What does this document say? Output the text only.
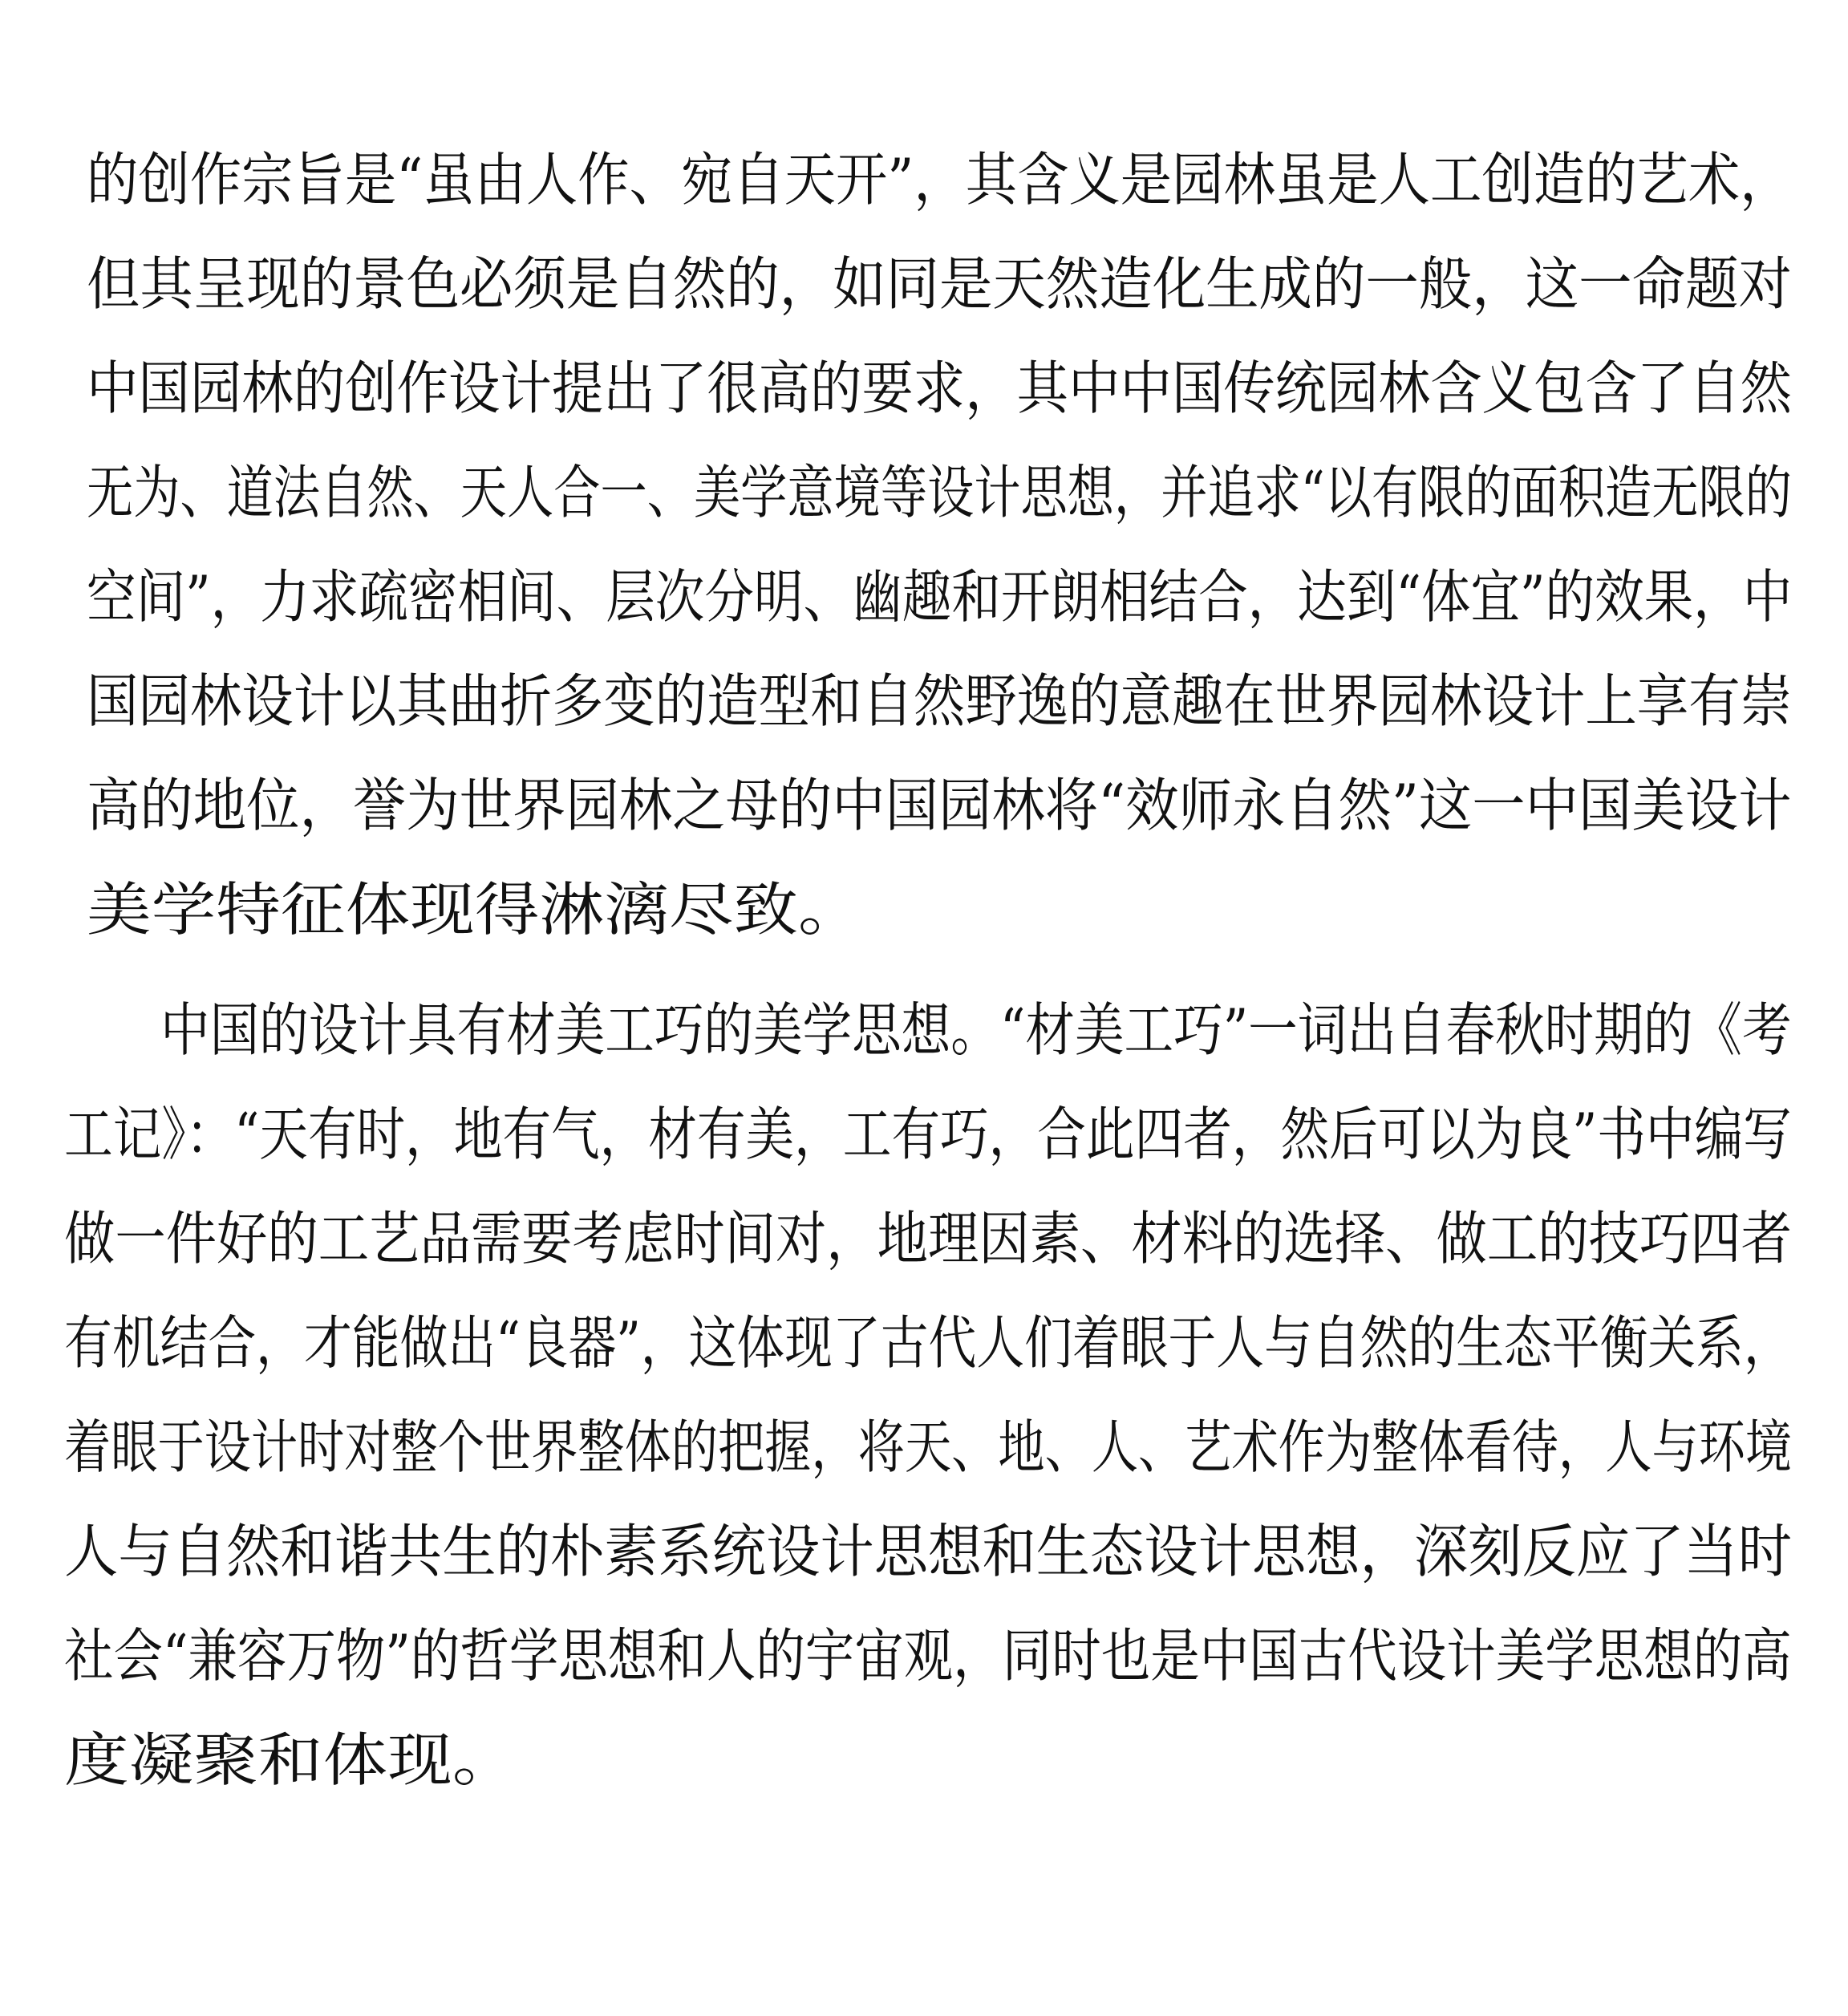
的创作宗旨是“虽由人作、宛自天开”，其含义是园林虽是人工创造的艺术，
但其呈现的景色必须是自然的，如同是天然造化生成的一般，这一命题对
中国园林的创作设计提出了很高的要求，其中中国传统园林含义包含了自然
无为、道法自然、天人合一、美学意境等设计思想，并追求“以有限的面积造无限的
空间”，力求疏密相间、层次分明、幽趣和开朗相结合，达到“体宜”的效果，中
国园林设计以其曲折多变的造型和自然野逸的意趣在世界园林设计上享有崇
高的地位，誉为世界园林之母的中国园林将“效师永自然”这一中国美设计
美学特征体现得淋漓尽致。
中国的设计具有材美工巧的美学思想。“材美工巧”一词出自春秋时期的《考
工记》：“天有时，地有气，材有美，工有巧，合此四者，然后可以为良”书中编写
做一件好的工艺品需要考虑时间对，地理因素、材料的选择、做工的技巧四者
有机结合，才能做出“良器”，这体现了古代人们着眼于人与自然的生态平衡关系，
着眼于设计时对整个世界整体的把握，将天、地、人、艺术作为整体看待，人与环境
人与自然和谐共生的朴素系统设计思想和生态设计思想，深刻反应了当时
社会“兼容万物”的哲学思想和人的宇宙观，同时也是中国古代设计美学思想的高
度凝聚和体现。
